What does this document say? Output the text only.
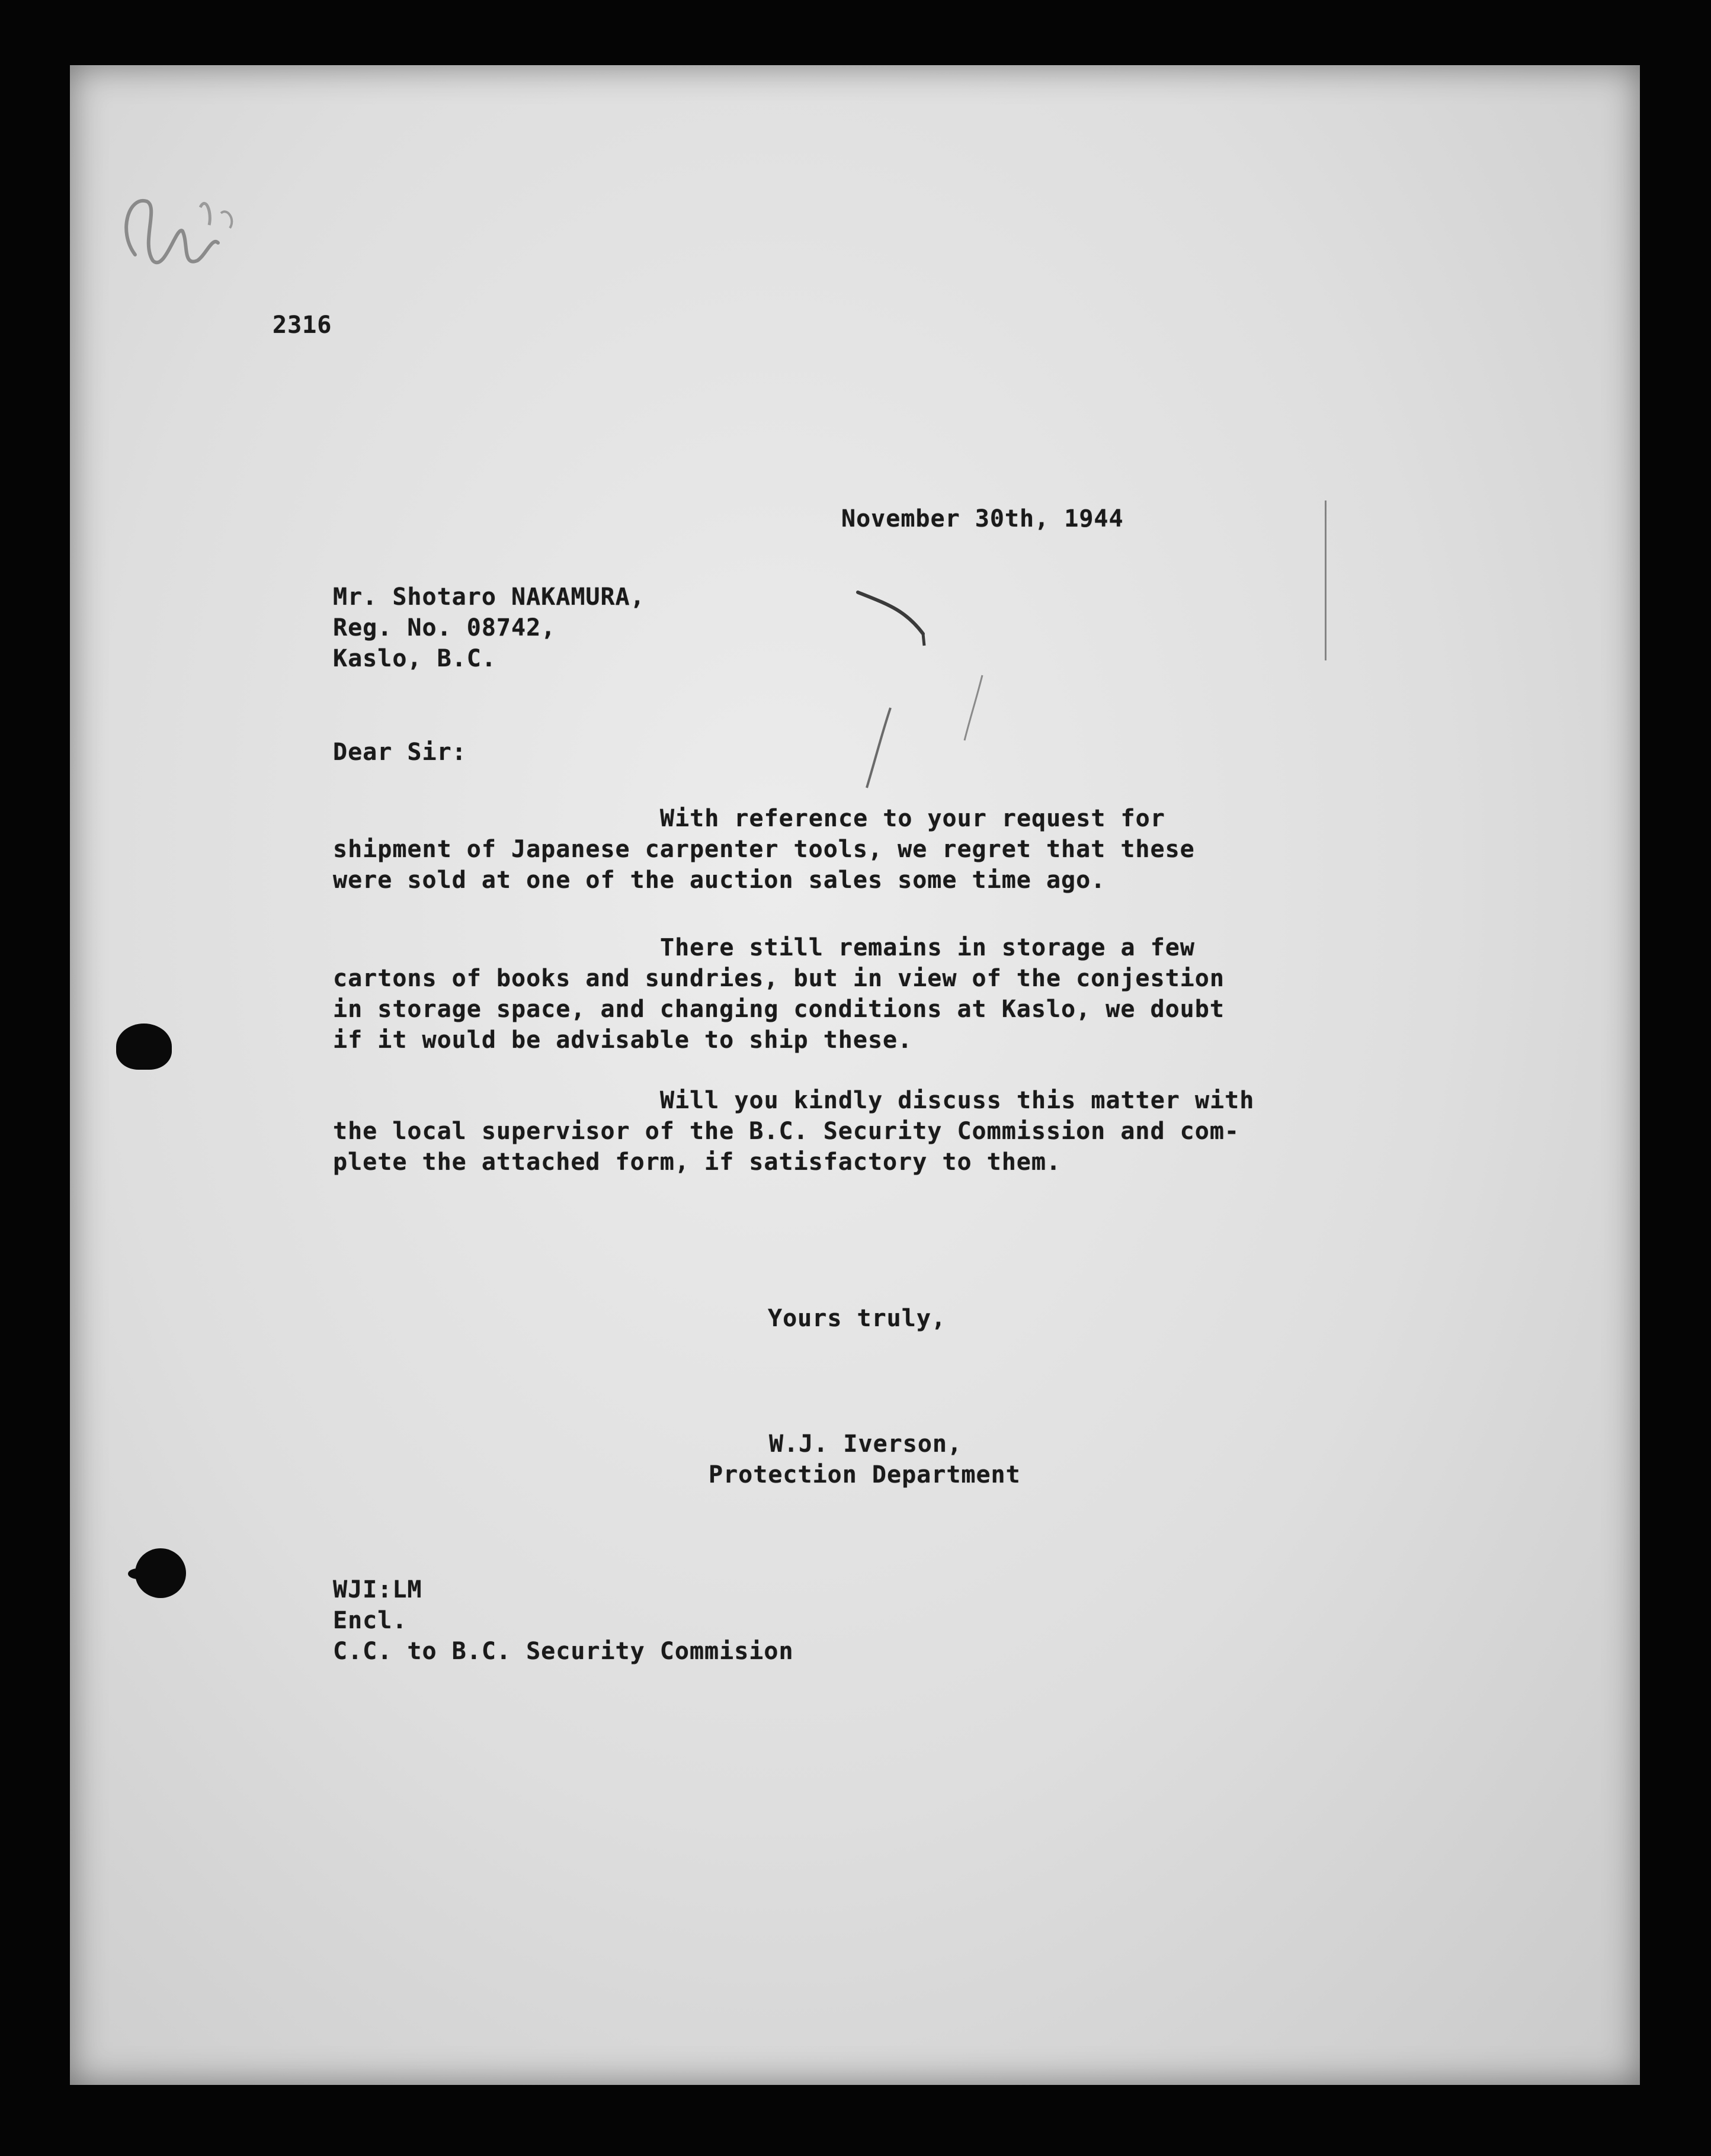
2316
November 30th, 1944
Mr. Shotaro NAKAMURA,
Reg. No. 08742,
Kaslo, B.C.
Dear Sir:
With reference to your request for
shipment of Japanese carpenter tools, we regret that these
were sold at one of the auction sales some time ago.
There still remains in storage a few
cartons of books and sundries, but in view of the conjestion
in storage space, and changing conditions at Kaslo, we doubt
if it would be advisable to ship these.
Will you kindly discuss this matter with
the local supervisor of the B.C. Security Commission and com-
plete the attached form, if satisfactory to them.
Yours truly,
W.J. Iverson,
Protection Department
WJI:LM
Encl.
C.C. to B.C. Security Commision
